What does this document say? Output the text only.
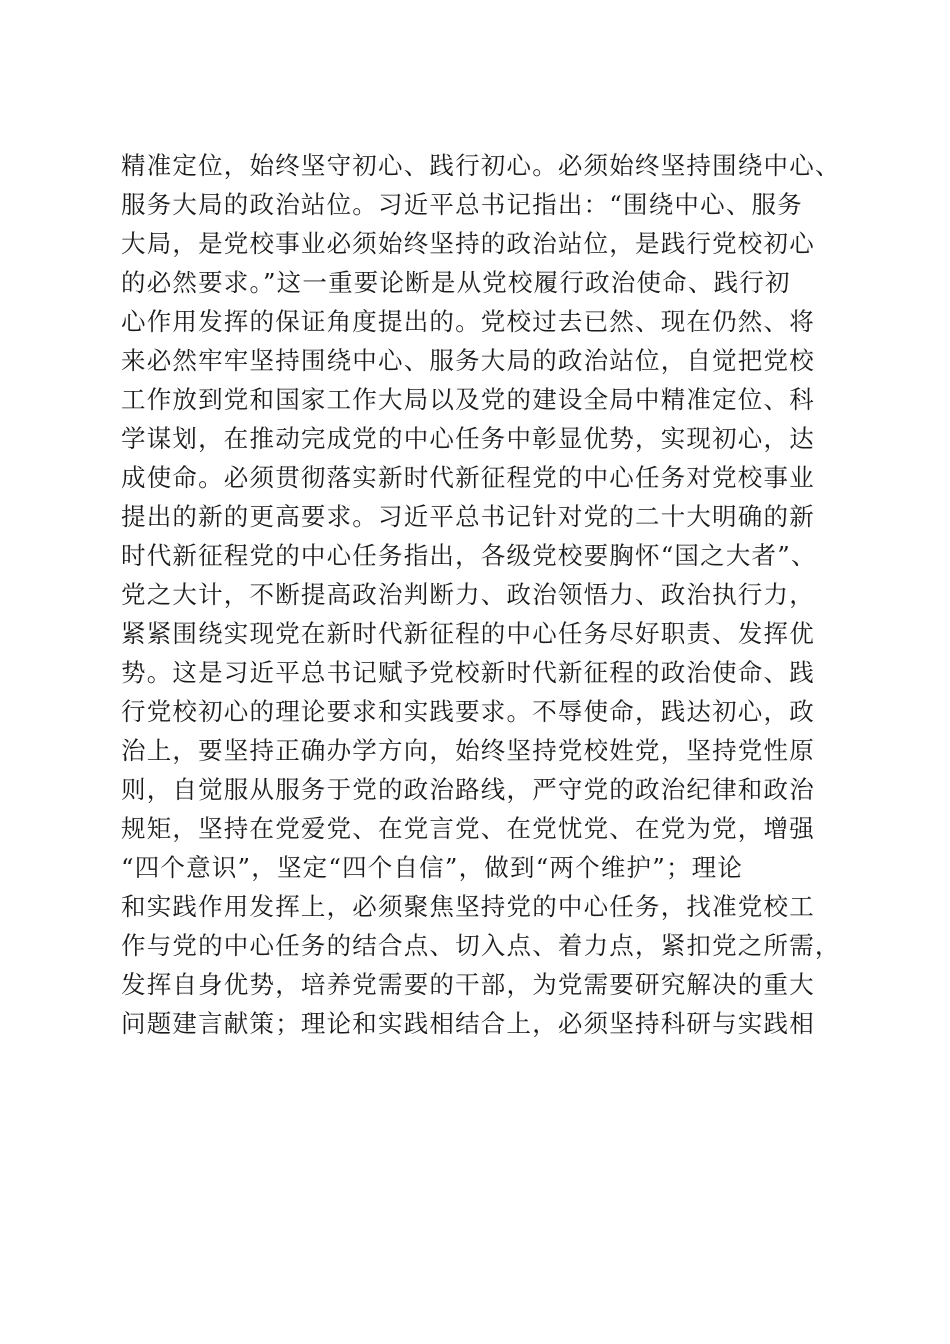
精准定位，始终坚守初心、践行初心。必须始终坚持围绕中心、
服务大局的政治站位。习近平总书记指出：“围绕中心、服务
大局，是党校事业必须始终坚持的政治站位，是践行党校初心
的必然要求。”这一重要论断是从党校履行政治使命、践行初
心作用发挥的保证角度提出的。党校过去已然、现在仍然、将
来必然牢牢坚持围绕中心、服务大局的政治站位，自觉把党校
工作放到党和国家工作大局以及党的建设全局中精准定位、科
学谋划，在推动完成党的中心任务中彰显优势，实现初心，达
成使命。必须贯彻落实新时代新征程党的中心任务对党校事业
提出的新的更高要求。习近平总书记针对党的二十大明确的新
时代新征程党的中心任务指出，各级党校要胸怀“国之大者”、
党之大计，不断提高政治判断力、政治领悟力、政治执行力，
紧紧围绕实现党在新时代新征程的中心任务尽好职责、发挥优
势。这是习近平总书记赋予党校新时代新征程的政治使命、践
行党校初心的理论要求和实践要求。不辱使命，践达初心，政
治上，要坚持正确办学方向，始终坚持党校姓党，坚持党性原
则，自觉服从服务于党的政治路线，严守党的政治纪律和政治
规矩，坚持在党爱党、在党言党、在党忧党、在党为党，增强
“四个意识”，坚定“四个自信”，做到“两个维护”；理论
和实践作用发挥上，必须聚焦坚持党的中心任务，找准党校工
作与党的中心任务的结合点、切入点、着力点，紧扣党之所需，
发挥自身优势，培养党需要的干部，为党需要研究解决的重大
问题建言献策；理论和实践相结合上，必须坚持科研与实践相
